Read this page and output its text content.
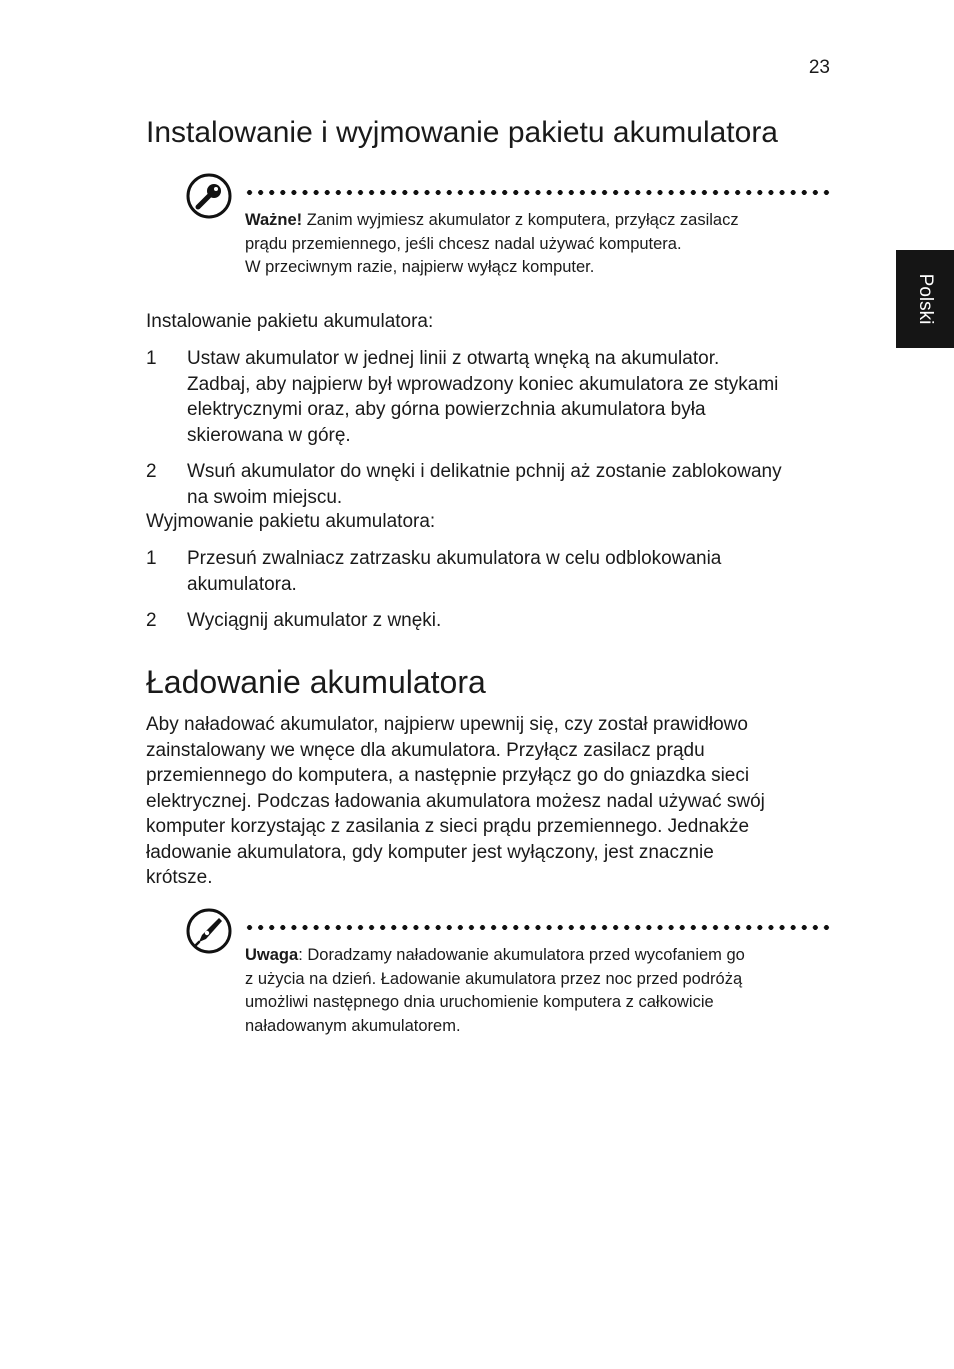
23
Polski
Instalowanie i wyjmowanie pakietu akumulatora
Ważne! Zanim wyjmiesz akumulator z komputera, przyłącz zasilacz
prądu przemiennego, jeśli chcesz nadal używać komputera.
W przeciwnym razie, najpierw wyłącz komputer.
Instalowanie pakietu akumulatora:
1 Ustaw akumulator w jednej linii z otwartą wnęką na akumulator.
Zadbaj, aby najpierw był wprowadzony koniec akumulatora ze stykami
elektrycznymi oraz, aby górna powierzchnia akumulatora była
skierowana w górę.
2 Wsuń akumulator do wnęki i delikatnie pchnij aż zostanie zablokowany
na swoim miejscu.
Wyjmowanie pakietu akumulatora:
1 Przesuń zwalniacz zatrzasku akumulatora w celu odblokowania
akumulatora.
2 Wyciągnij akumulator z wnęki.
Ładowanie akumulatora
Aby naładować akumulator, najpierw upewnij się, czy został prawidłowo
zainstalowany we wnęce dla akumulatora. Przyłącz zasilacz prądu
przemiennego do komputera, a następnie przyłącz go do gniazdka sieci
elektrycznej. Podczas ładowania akumulatora możesz nadal używać swój
komputer korzystając z zasilania z sieci prądu przemiennego. Jednakże
ładowanie akumulatora, gdy komputer jest wyłączony, jest znacznie
krótsze.
Uwaga: Doradzamy naładowanie akumulatora przed wycofaniem go
z użycia na dzień. Ładowanie akumulatora przez noc przed podróżą
umożliwi następnego dnia uruchomienie komputera z całkowicie
naładowanym akumulatorem.
